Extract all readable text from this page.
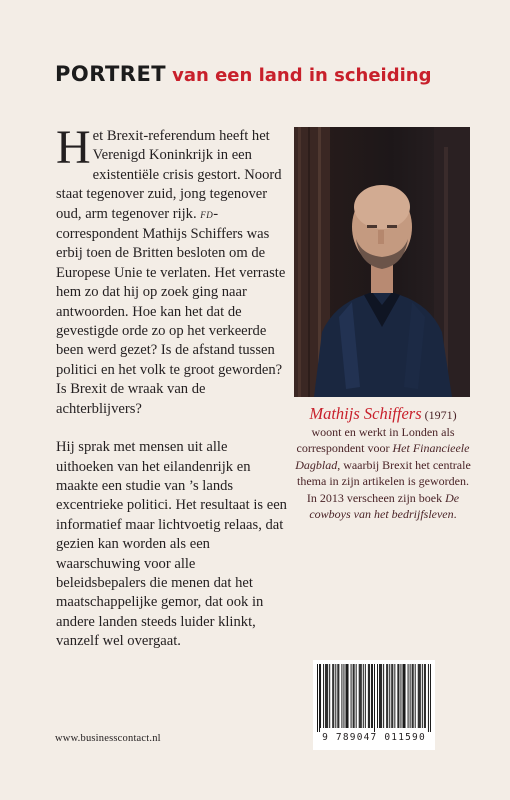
PORTRET van een land in scheiding

Het Brexit-referendum heeft het Verenigd Koninkrijk in een existentiële crisis gestort. Noord staat tegenover zuid, jong tegenover oud, arm tegenover rijk. FD-correspondent Mathijs Schiffers was erbij toen de Britten besloten om de Europese Unie te verlaten. Het verraste hem zo dat hij op zoek ging naar antwoorden. Hoe kan het dat de gevestigde orde zo op het verkeerde been werd gezet? Is de afstand tussen politici en het volk te groot geworden? Is Brexit de wraak van de achterblijvers?

Hij sprak met mensen uit alle uithoeken van het eilandenrijk en maakte een studie van ’s lands excentrieke politici. Het resultaat is een informatief maar lichtvoetig relaas, dat gezien kan worden als een waarschuwing voor alle beleidsbepalers die menen dat het maatschappelijke gemor, dat ook in andere landen steeds luider klinkt, vanzelf wel overgaat.

Mathijs Schiffers (1971) woont en werkt in Londen als correspondent voor Het Financieele Dagblad, waarbij Brexit het centrale thema in zijn artikelen is geworden.

In 2013 verscheen zijn boek De cowboys van het bedrijfsleven.

www.businesscontact.nl	9 789047 011590
